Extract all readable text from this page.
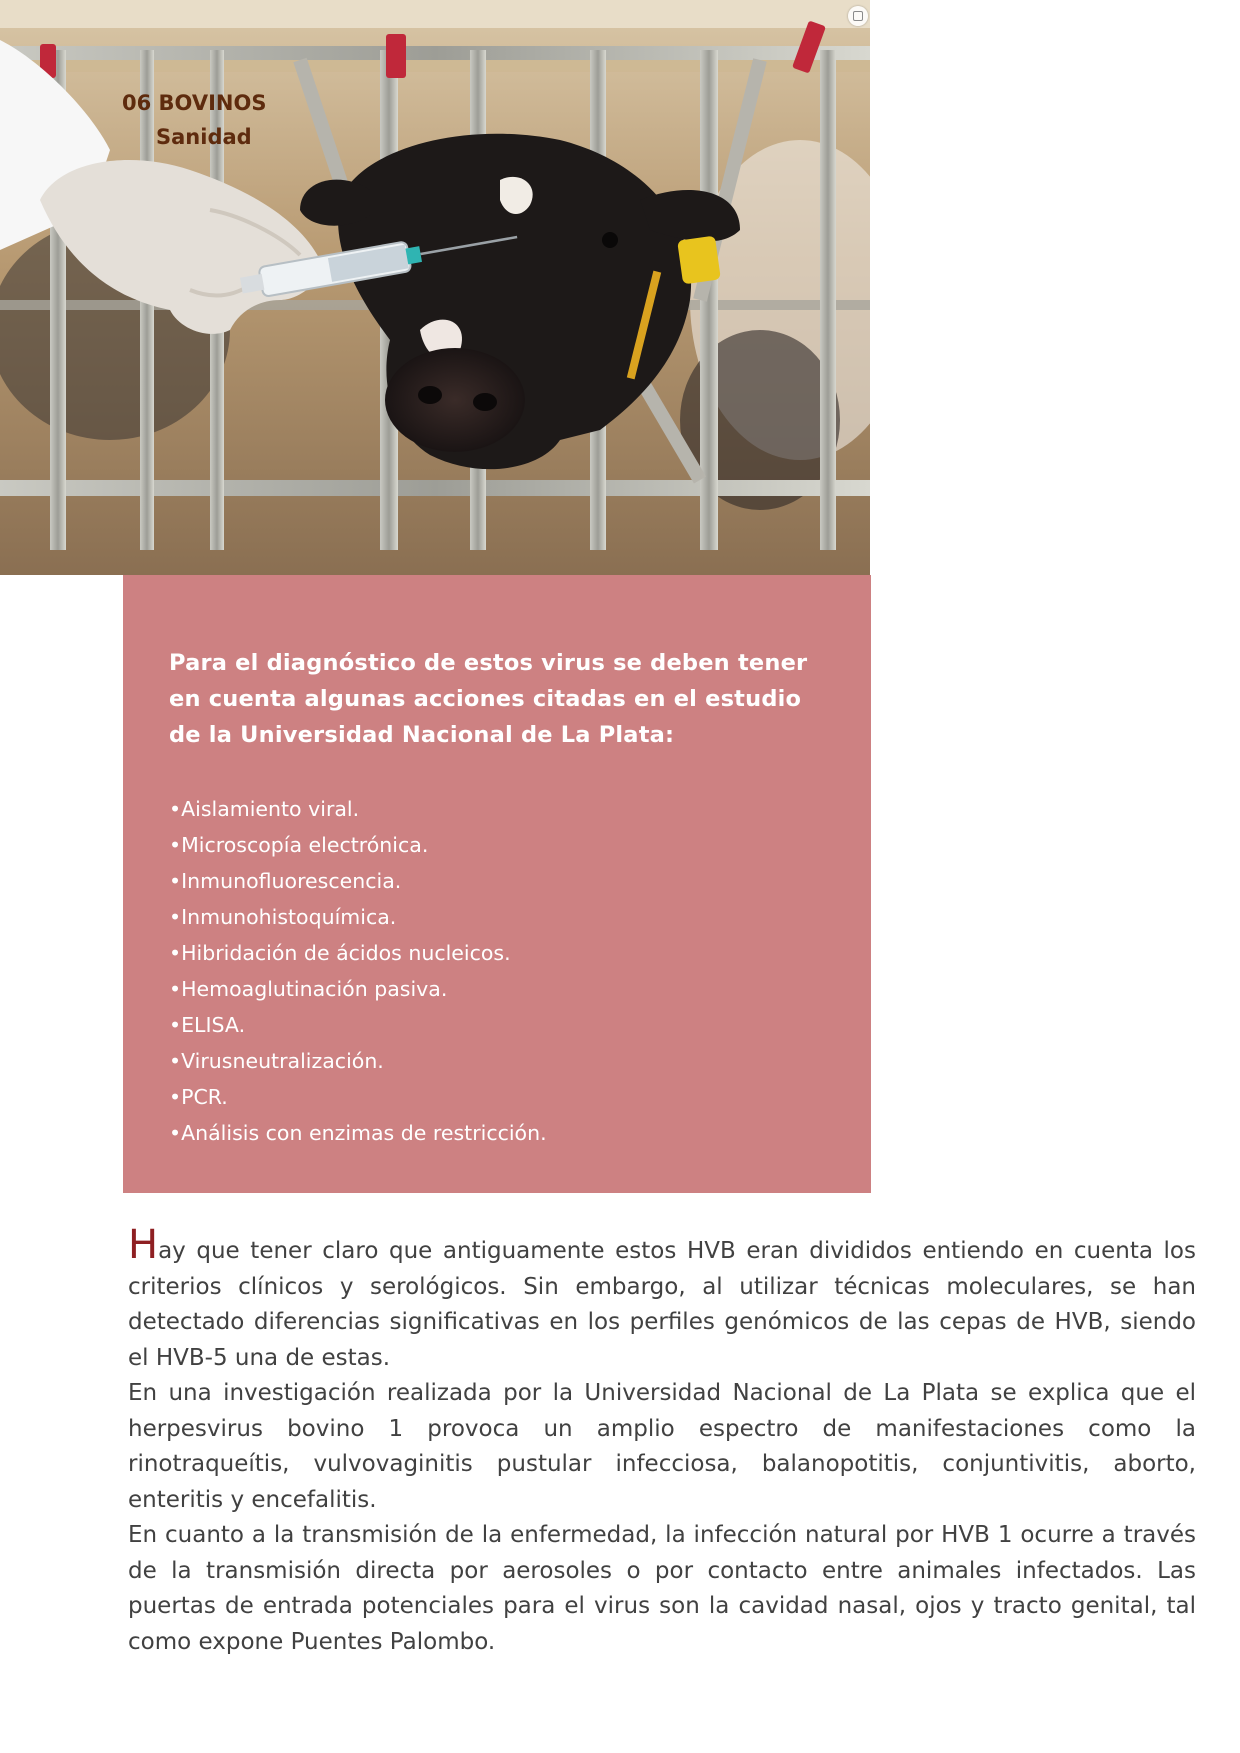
06 BOVINOS
Sanidad

Para el diagnóstico de estos virus se deben tener en cuenta algunas acciones citadas en el estudio de la Universidad Nacional de La Plata:

• Aislamiento viral.
• Microscopía electrónica.
• Inmunofluorescencia.
• Inmunohistoquímica.
• Hibridación de ácidos nucleicos.
• Hemoaglutinación pasiva.
• ELISA.
• Virusneutralización.
• PCR.
• Análisis con enzimas de restricción.

Hay que tener claro que antiguamente estos HVB eran divididos entiendo en cuenta los criterios clínicos y serológicos. Sin embargo, al utilizar técnicas moleculares, se han detectado diferencias significativas en los perfiles genómicos de las cepas de HVB, siendo el HVB-5 una de estas.

En una investigación realizada por la Universidad Nacional de La Plata se explica que el herpesvirus bovino 1 provoca un amplio espectro de manifestaciones como la rinotraqueítis, vulvovaginitis pustular infecciosa, balanopotitis, conjuntivitis, aborto, enteritis y encefalitis.

En cuanto a la transmisión de la enfermedad, la infección natural por HVB 1 ocurre a través de la transmisión directa por aerosoles o por contacto entre animales infectados. Las puertas de entrada potenciales para el virus son la cavidad nasal, ojos y tracto genital, tal como expone Puentes Palombo.
